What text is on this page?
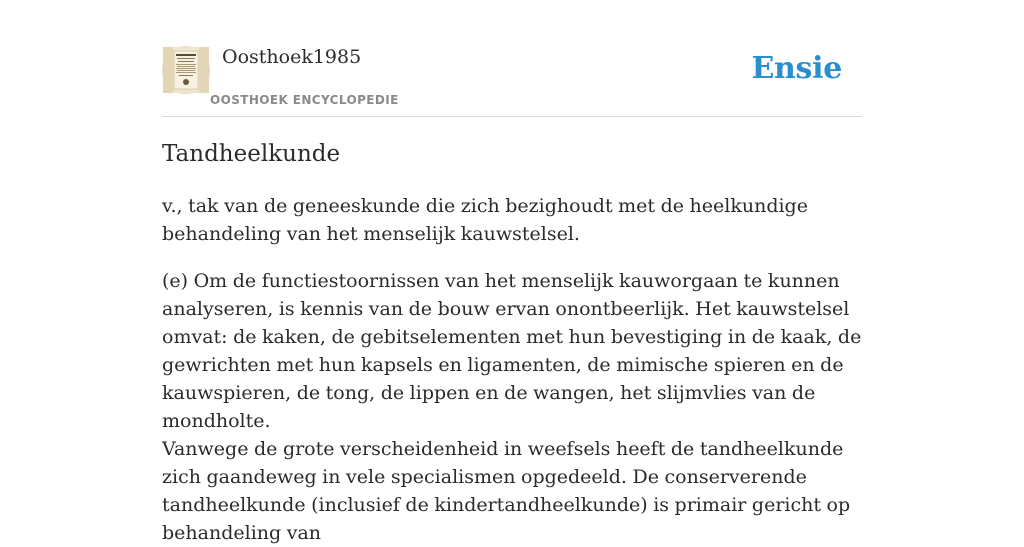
Oosthoek1985
OOSTHOEK ENCYCLOPEDIE
Ensie
Tandheelkunde

v., tak van de geneeskunde die zich bezighoudt met de heelkundige behandeling van het menselijk kauwstelsel.

(e) Om de functiestoornissen van het menselijk kauworgaan te kunnen analyseren, is kennis van de bouw ervan onontbeerlijk. Het kauwstelsel omvat: de kaken, de gebitselementen met hun bevestiging in de kaak, de gewrichten met hun kapsels en ligamenten, de mimische spieren en de kauwspieren, de tong, de lippen en de wangen, het slijmvlies van de mondholte.

Vanwege de grote verscheidenheid in weefsels heeft de tandheelkunde zich gaandeweg in vele specialismen opgedeeld. De conserverende tandheelkunde (inclusief de kindertandheelkunde) is primair gericht op behandeling van
